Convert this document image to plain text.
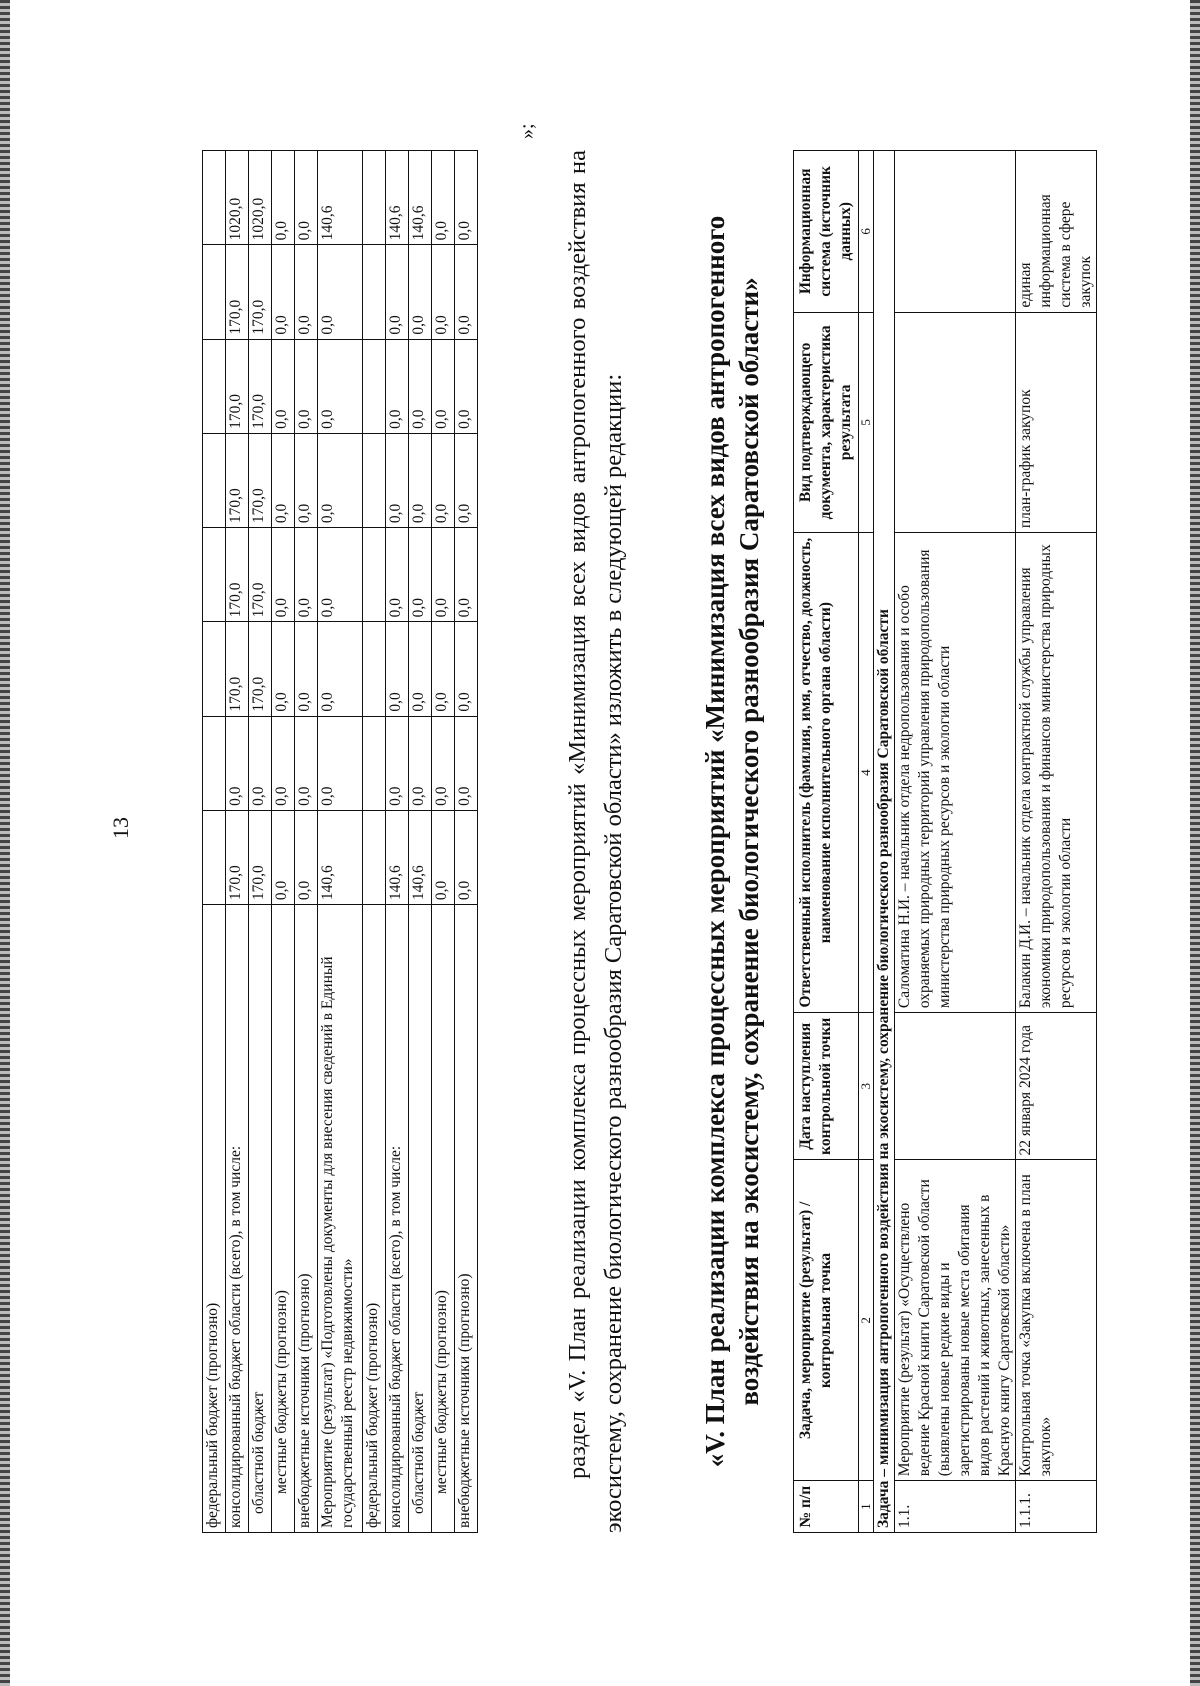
13
федеральный бюджет (прогнозно)								
консолидированный бюджет области (всего), в том числе:	170,0	0,0	170,0	170,0	170,0	170,0	170,0	1020,0
областной бюджет	170,0	0,0	170,0	170,0	170,0	170,0	170,0	1020,0
местные бюджеты (прогнозно)	0,0	0,0	0,0	0,0	0,0	0,0	0,0	0,0
внебюджетные источники (прогнозно)	0,0	0,0	0,0	0,0	0,0	0,0	0,0	0,0
Мероприятие (результат) «Подготовлены документы для внесения сведений в Единый государственный реестр недвижимости»	140,6	0,0	0,0	0,0	0,0	0,0	0,0	140,6
федеральный бюджет (прогнозно)								
консолидированный бюджет области (всего), в том числе:	140,6	0,0	0,0	0,0	0,0	0,0	0,0	140,6
областной бюджет	140,6	0,0	0,0	0,0	0,0	0,0	0,0	140,6
местные бюджеты (прогнозно)	0,0	0,0	0,0	0,0	0,0	0,0	0,0	0,0
внебюджетные источники (прогнозно)	0,0	0,0	0,0	0,0	0,0	0,0	0,0	0,0
»;

раздел «V. План реализации комплекса процессных мероприятий «Минимизация всех видов антропогенного воздействия на экосистему, сохранение биологического разнообразия Саратовской области» изложить в следующей редакции:	«V. План реализации комплекса процессных мероприятий «Минимизация всех видов антропогенного воздействия на экосистему, сохранение биологического разнообразия Саратовской области»
№ п/п	Задача, мероприятие (результат) / контрольная точка	Дата наступления контрольной точки	Ответственный исполнитель (фамилия, имя, отчество, должность, наименование исполнительного органа области)	Вид подтверждающего документа, характеристика результата	Информационная система (источник данных)
1	2	3	4	5	6
Задача – минимизация антропогенного воздействия на экосистему, сохранение биологического разнообразия Саратовской области					
1.1.	Мероприятие (результат) «Осуществлено ведение Красной книги Саратовской области (выявлены новые редкие виды и зарегистрированы новые места обитания видов растений и животных, занесенных в Красную книгу Саратовской области»		Саломатина Н.И. – начальник отдела недропользования и особо охраняемых природных территорий управления природопользования министерства природных ресурсов и экологии области		
1.1.1.	Контрольная точка «Закупка включена в план закупок»	22 января 2024 года	Балакин Д.И. – начальник отдела контрактной службы управления экономики природопользования и финансов министерства природных ресурсов и экологии области	план-график закупок	единая информационная система в сфере закупок
